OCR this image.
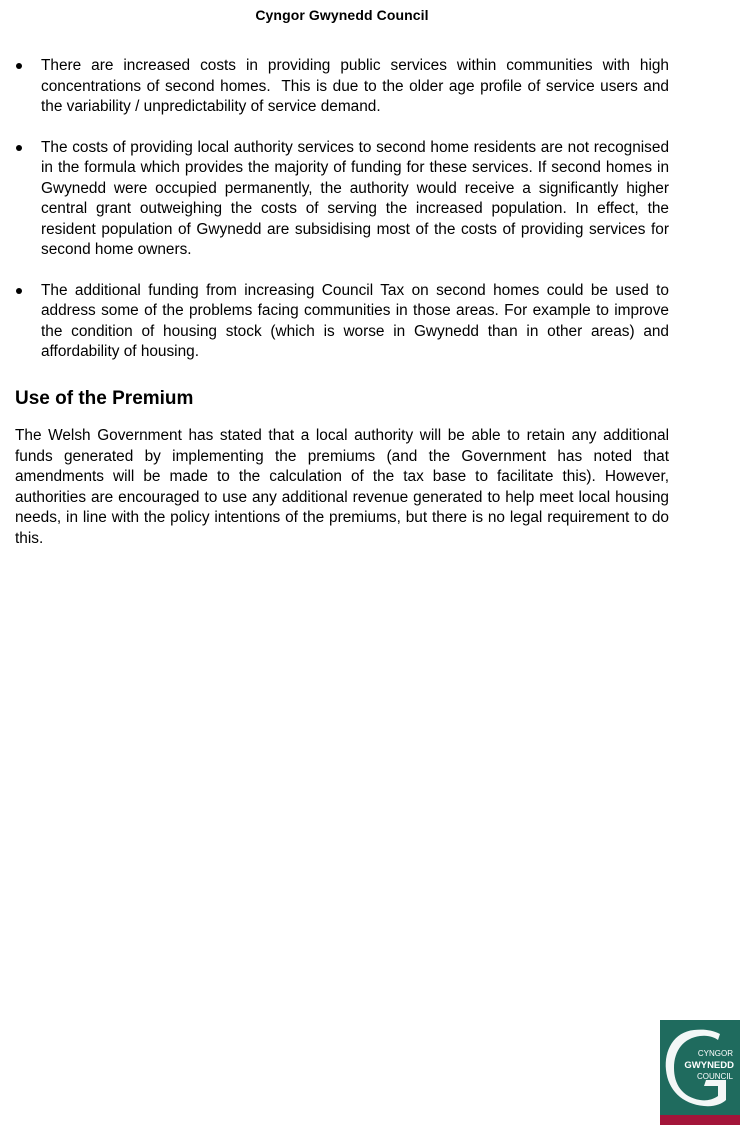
Cyngor Gwynedd Council
There are increased costs in providing public services within communities with high concentrations of second homes.  This is due to the older age profile of service users and the variability / unpredictability of service demand.
The costs of providing local authority services to second home residents are not recognised in the formula which provides the majority of funding for these services. If second homes in Gwynedd were occupied permanently, the authority would receive a significantly higher central grant outweighing the costs of serving the increased population. In effect, the resident population of Gwynedd are subsidising most of the costs of providing services for second home owners.
The additional funding from increasing Council Tax on second homes could be used to address some of the problems facing communities in those areas. For example to improve the condition of housing stock (which is worse in Gwynedd than in other areas) and affordability of housing.
Use of the Premium

The Welsh Government has stated that a local authority will be able to retain any additional funds generated by implementing the premiums (and the Government has noted that amendments will be made to the calculation of the tax base to facilitate this). However, authorities are encouraged to use any additional revenue generated to help meet local housing needs, in line with the policy intentions of the premiums, but there is no legal requirement to do this.

CYNGOR
GWYNEDD
COUNCIL
